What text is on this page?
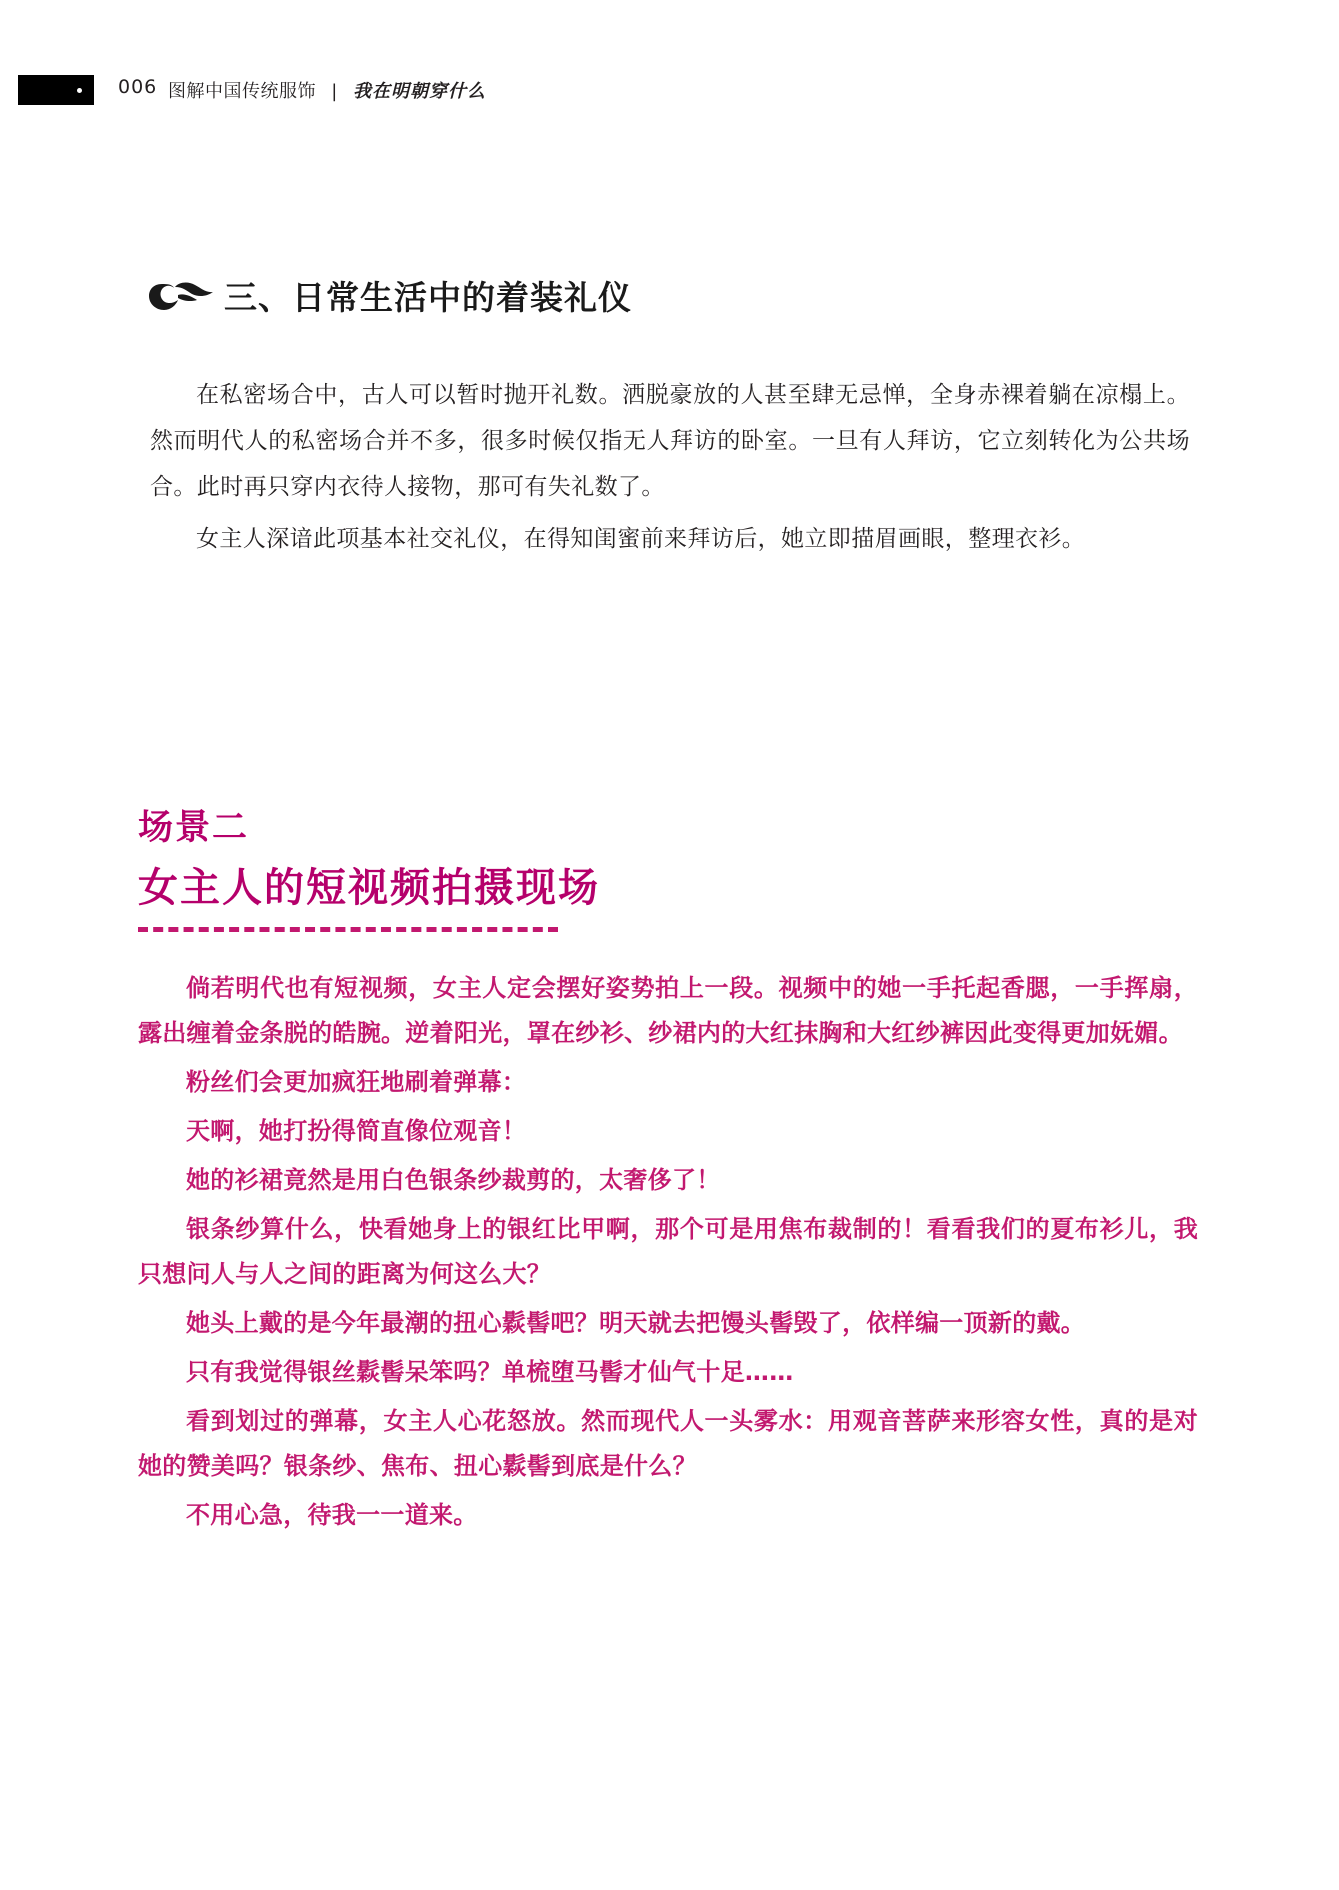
006 图解中国传统服饰 | 我在明朝穿什么
三、日常生活中的着装礼仪

在私密场合中，古人可以暂时抛开礼数。洒脱豪放的人甚至肆无忌惮，全身赤裸着躺在凉榻上。然而明代人的私密场合并不多，很多时候仅指无人拜访的卧室。一旦有人拜访，它立刻转化为公共场合。此时再只穿内衣待人接物，那可有失礼数了。

女主人深谙此项基本社交礼仪，在得知闺蜜前来拜访后，她立即描眉画眼，整理衣衫。

场景二
女主人的短视频拍摄现场

倘若明代也有短视频，女主人定会摆好姿势拍上一段。视频中的她一手托起香腮，一手挥扇，露出缠着金条脱的皓腕。逆着阳光，罩在纱衫、纱裙内的大红抹胸和大红纱裤因此变得更加妩媚。

粉丝们会更加疯狂地刷着弹幕：

天啊，她打扮得简直像位观音！

她的衫裙竟然是用白色银条纱裁剪的，太奢侈了！

银条纱算什么，快看她身上的银红比甲啊，那个可是用焦布裁制的！看看我们的夏布衫儿，我只想问人与人之间的距离为何这么大？

她头上戴的是今年最潮的扭心鬏髻吧？明天就去把馒头髻毁了，依样编一顶新的戴。

只有我觉得银丝鬏髻呆笨吗？单梳堕马髻才仙气十足……

看到划过的弹幕，女主人心花怒放。然而现代人一头雾水：用观音菩萨来形容女性，真的是对她的赞美吗？银条纱、焦布、扭心鬏髻到底是什么？

不用心急，待我一一道来。
